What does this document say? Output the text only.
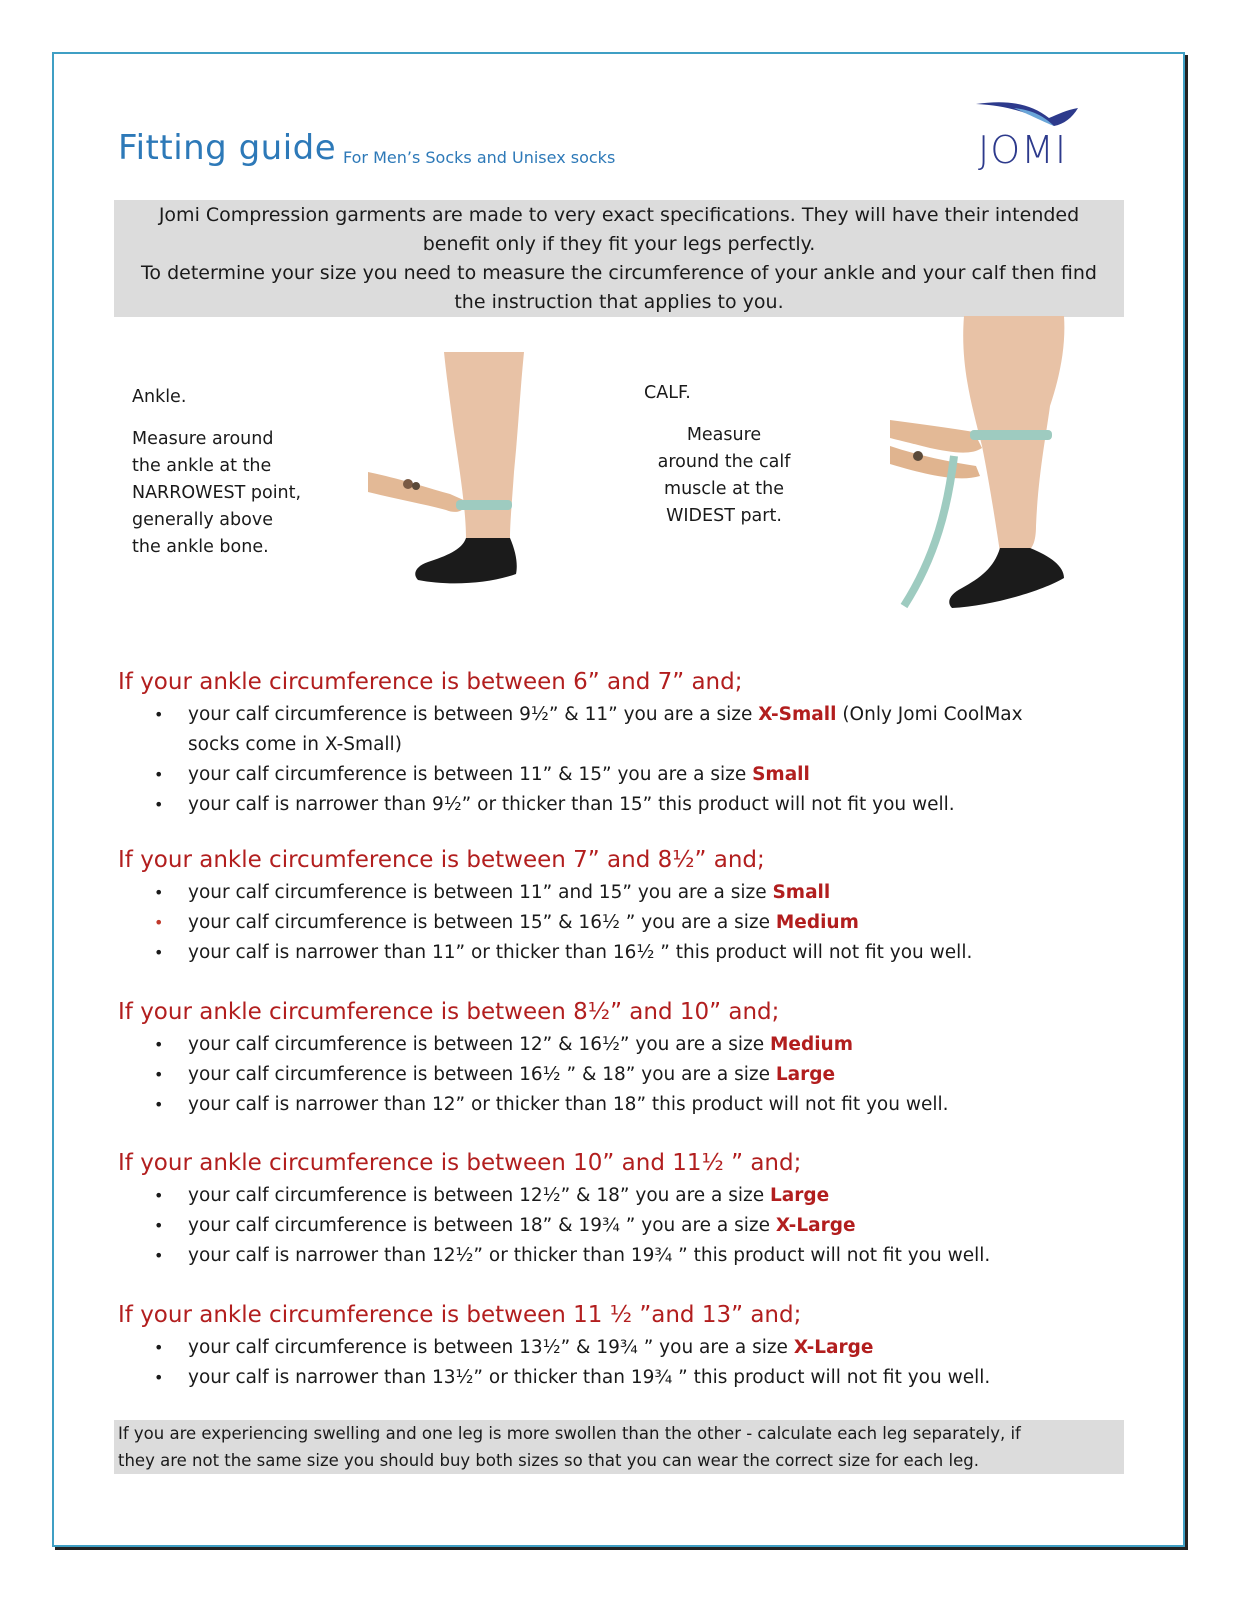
Fitting guide For Men’s Socks and Unisex socks	JOMI
Jomi Compression garments are made to very exact specifications. They will have their intended
benefit only if they fit your legs perfectly.
To determine your size you need to measure the circumference of your ankle and your calf then find
the instruction that applies to you.
Ankle.
Measure around
the ankle at the
NARROWEST point,
generally above
the ankle bone.
CALF.
Measure
around the calf
muscle at the
WIDEST part.
If your ankle circumference is between 6” and 7” and;
• your calf circumference is between 9½” & 11” you are a size X-Small (Only Jomi CoolMax
socks come in X-Small)
• your calf circumference is between 11” & 15” you are a size Small
• your calf is narrower than 9½” or thicker than 15” this product will not fit you well.
If your ankle circumference is between 7” and 8½” and;
• your calf circumference is between 11” and 15” you are a size Small
• your calf circumference is between 15” & 16½ ” you are a size Medium
• your calf is narrower than 11” or thicker than 16½ ” this product will not fit you well.
If your ankle circumference is between 8½” and 10” and;
• your calf circumference is between 12” & 16½” you are a size Medium
• your calf circumference is between 16½ ” & 18” you are a size Large
• your calf is narrower than 12” or thicker than 18” this product will not fit you well.
If your ankle circumference is between 10” and 11½ ” and;
• your calf circumference is between 12½” & 18” you are a size Large
• your calf circumference is between 18” & 19¾ ” you are a size X-Large
• your calf is narrower than 12½” or thicker than 19¾ ” this product will not fit you well.
If your ankle circumference is between 11 ½ ”and 13” and;
• your calf circumference is between 13½” & 19¾ ” you are a size X-Large
• your calf is narrower than 13½” or thicker than 19¾ ” this product will not fit you well.
If you are experiencing swelling and one leg is more swollen than the other - calculate each leg separately, if
they are not the same size you should buy both sizes so that you can wear the correct size for each leg.
